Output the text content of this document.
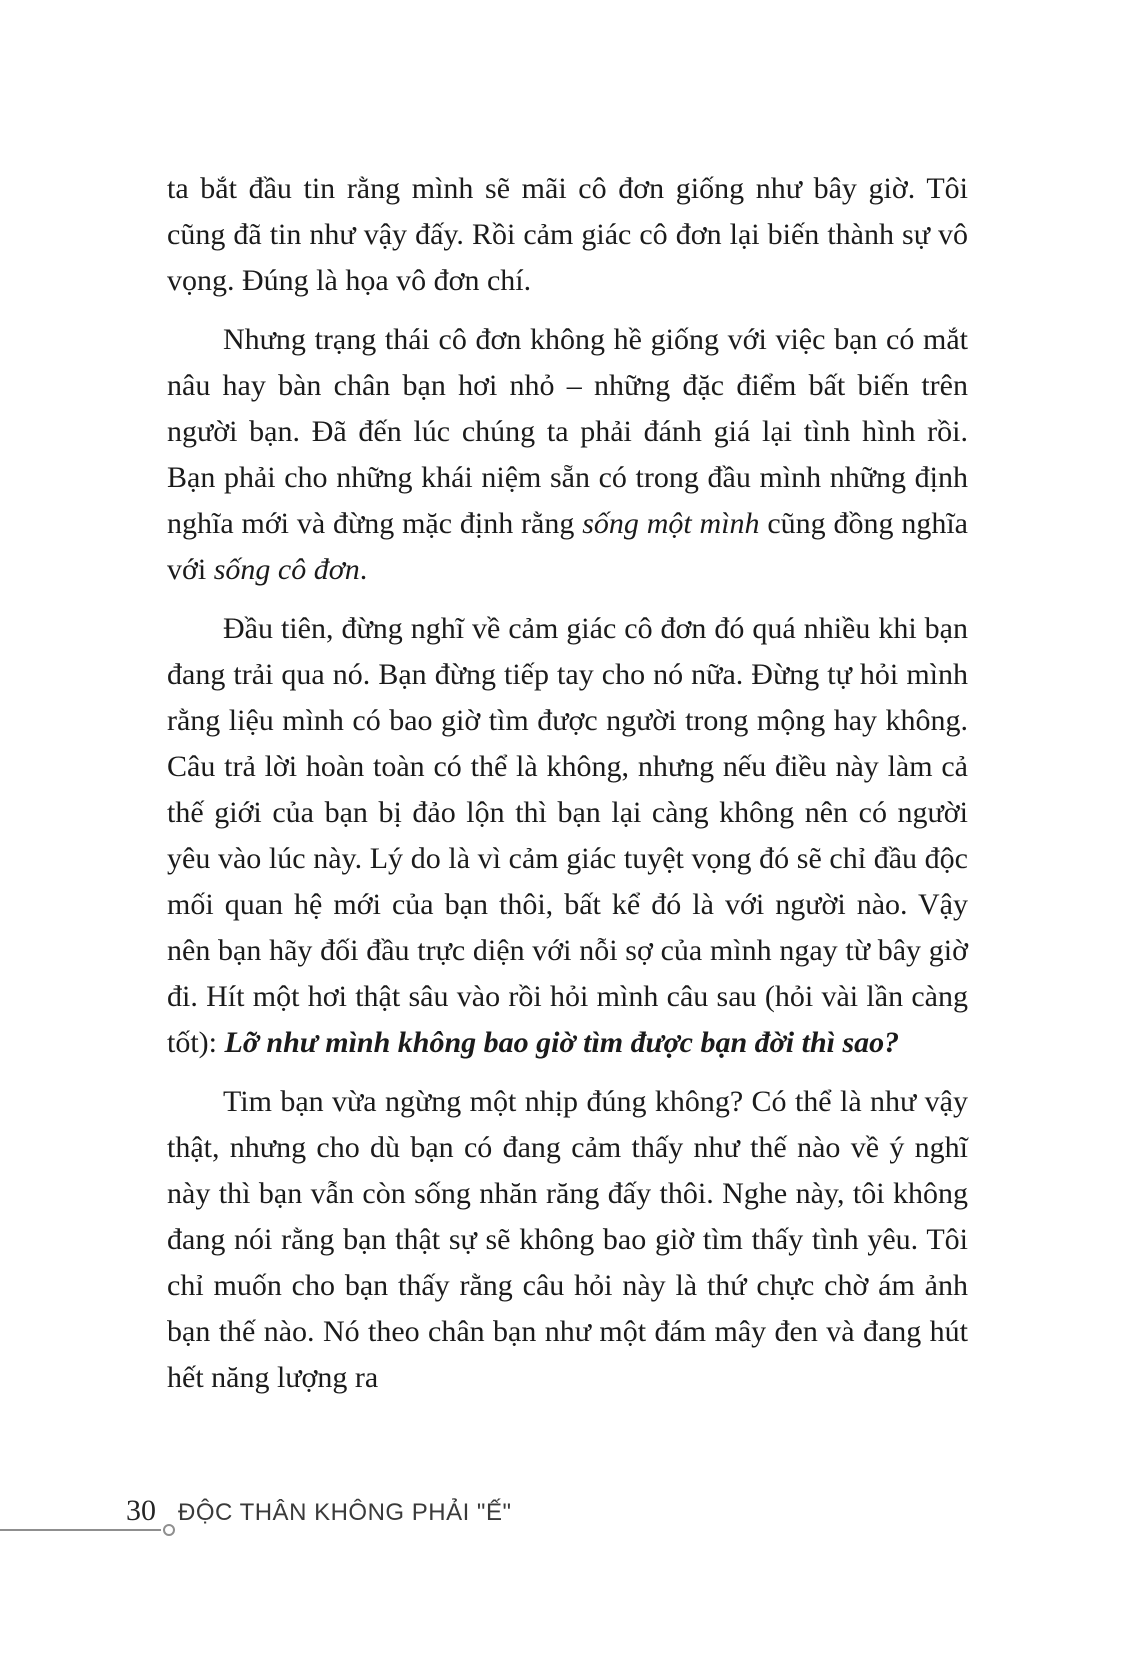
ta bắt đầu tin rằng mình sẽ mãi cô đơn giống như bây giờ. Tôi cũng đã tin như vậy đấy. Rồi cảm giác cô đơn lại biến thành sự vô vọng. Đúng là họa vô đơn chí.

Nhưng trạng thái cô đơn không hề giống với việc bạn có mắt nâu hay bàn chân bạn hơi nhỏ – những đặc điểm bất biến trên người bạn. Đã đến lúc chúng ta phải đánh giá lại tình hình rồi. Bạn phải cho những khái niệm sẵn có trong đầu mình những định nghĩa mới và đừng mặc định rằng sống một mình cũng đồng nghĩa với sống cô đơn.

Đầu tiên, đừng nghĩ về cảm giác cô đơn đó quá nhiều khi bạn đang trải qua nó. Bạn đừng tiếp tay cho nó nữa. Đừng tự hỏi mình rằng liệu mình có bao giờ tìm được người trong mộng hay không. Câu trả lời hoàn toàn có thể là không, nhưng nếu điều này làm cả thế giới của bạn bị đảo lộn thì bạn lại càng không nên có người yêu vào lúc này. Lý do là vì cảm giác tuyệt vọng đó sẽ chỉ đầu độc mối quan hệ mới của bạn thôi, bất kể đó là với người nào. Vậy nên bạn hãy đối đầu trực diện với nỗi sợ của mình ngay từ bây giờ đi. Hít một hơi thật sâu vào rồi hỏi mình câu sau (hỏi vài lần càng tốt): Lỡ như mình không bao giờ tìm được bạn đời thì sao?

Tim bạn vừa ngừng một nhịp đúng không? Có thể là như vậy thật, nhưng cho dù bạn có đang cảm thấy như thế nào về ý nghĩ này thì bạn vẫn còn sống nhăn răng đấy thôi. Nghe này, tôi không đang nói rằng bạn thật sự sẽ không bao giờ tìm thấy tình yêu. Tôi chỉ muốn cho bạn thấy rằng câu hỏi này là thứ chực chờ ám ảnh bạn thế nào. Nó theo chân bạn như một đám mây đen và đang hút hết năng lượng ra

30 ĐỘC THÂN KHÔNG PHẢI "Ế"
